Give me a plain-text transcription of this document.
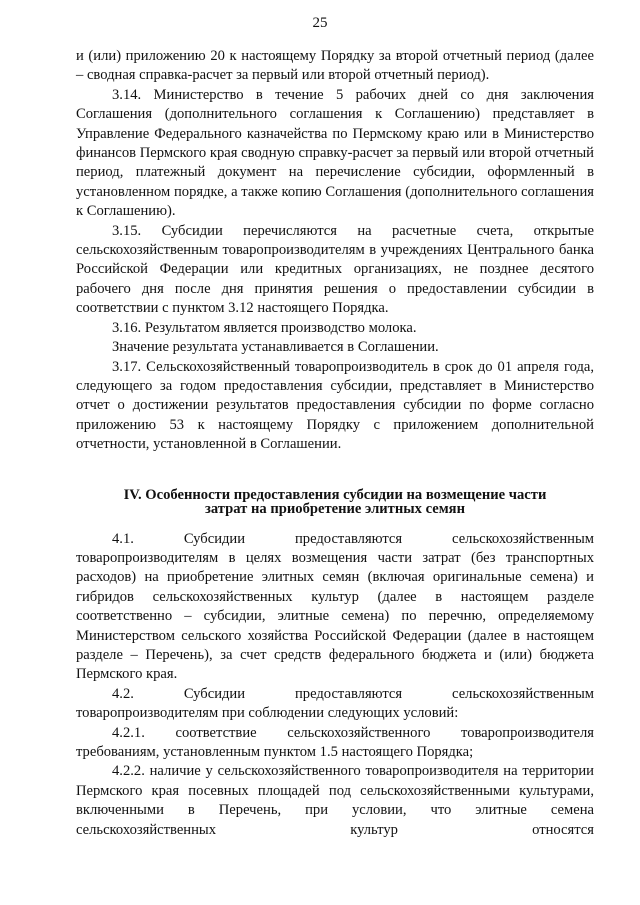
25

и (или) приложению 20 к настоящему Порядку за второй отчетный период (далее – сводная справка-расчет за первый или второй отчетный период).

3.14. Министерство в течение 5 рабочих дней со дня заключения Соглашения (дополнительного соглашения к Соглашению) представляет в Управление Федерального казначейства по Пермскому краю или в Министерство финансов Пермского края сводную справку-расчет за первый или второй отчетный период, платежный документ на перечисление субсидии, оформленный в установленном порядке, а также копию Соглашения (дополнительного соглашения к Соглашению).

3.15. Субсидии перечисляются на расчетные счета, открытые сельскохозяйственным товаропроизводителям в учреждениях Центрального банка Российской Федерации или кредитных организациях, не позднее десятого рабочего дня после дня принятия решения о предоставлении субсидии в соответствии с пунктом 3.12 настоящего Порядка.

3.16. Результатом является производство молока.

Значение результата устанавливается в Соглашении.

3.17. Сельскохозяйственный товаропроизводитель в срок до 01 апреля года, следующего за годом предоставления субсидии, представляет в Министерство отчет о достижении результатов предоставления субсидии по форме согласно приложению 53 к настоящему Порядку с приложением дополнительной отчетности, установленной в Соглашении.

IV. Особенности предоставления субсидии на возмещение части
затрат на приобретение элитных семян

4.1. Субсидии предоставляются сельскохозяйственным товаропроизводителям в целях возмещения части затрат (без транспортных расходов) на приобретение элитных семян (включая оригинальные семена) и гибридов сельскохозяйственных культур (далее в настоящем разделе соответственно – субсидии, элитные семена) по перечню, определяемому Министерством сельского хозяйства Российской Федерации (далее в настоящем разделе – Перечень), за счет средств федерального бюджета и (или) бюджета Пермского края.

4.2. Субсидии предоставляются сельскохозяйственным товаропроизводителям при соблюдении следующих условий:

4.2.1. соответствие сельскохозяйственного товаропроизводителя требованиям, установленным пунктом 1.5 настоящего Порядка;

4.2.2. наличие у сельскохозяйственного товаропроизводителя на территории Пермского края посевных площадей под сельскохозяйственными культурами, включенными в Перечень, при условии, что элитные семена сельскохозяйственных культур относятся
